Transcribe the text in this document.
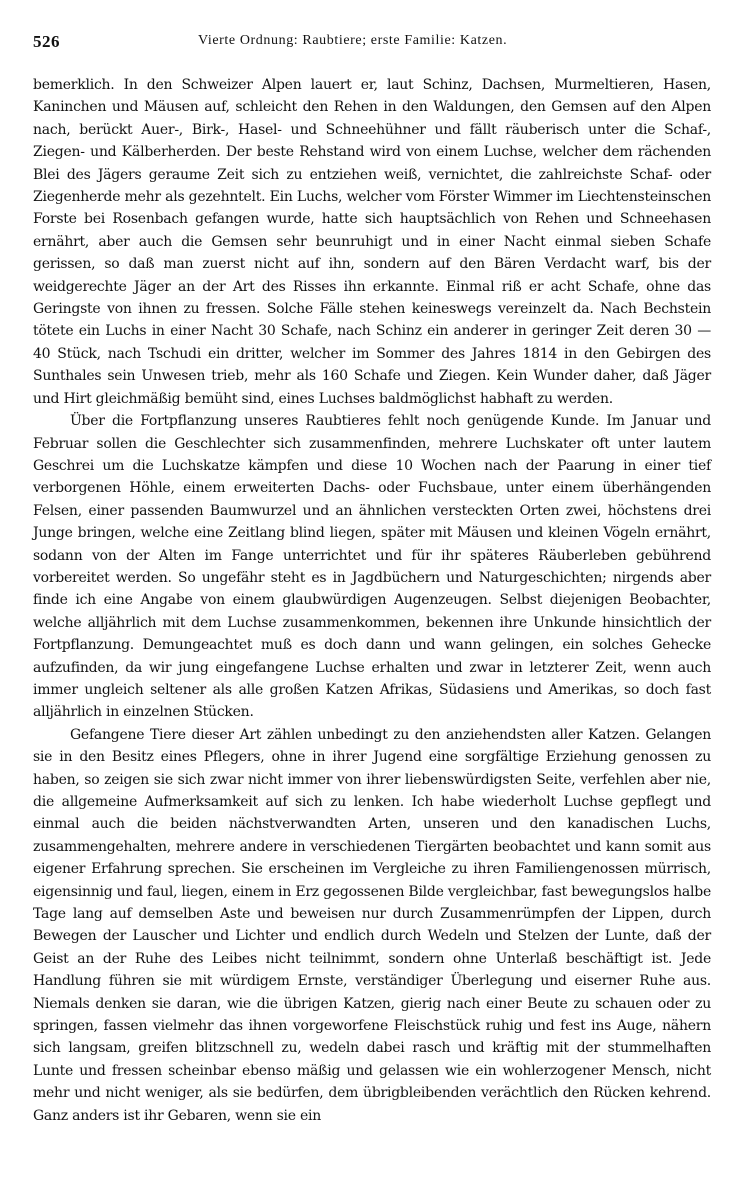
526	Vierte Ordnung: Raubtiere; erste Familie: Katzen.

bemerklich. In den Schweizer Alpen lauert er, laut Schinz, Dachsen, Murmeltieren, Hasen, Kaninchen und Mäusen auf, schleicht den Rehen in den Waldungen, den Gemsen auf den Alpen nach, berückt Auer-, Birk-, Hasel- und Schneehühner und fällt räuberisch unter die Schaf-, Ziegen- und Kälberherden. Der beste Rehstand wird von einem Luchse, welcher dem rächenden Blei des Jägers geraume Zeit sich zu entziehen weiß, vernichtet, die zahlreichste Schaf- oder Ziegenherde mehr als gezehntelt. Ein Luchs, welcher vom Förster Wimmer im Liechtensteinschen Forste bei Rosenbach gefangen wurde, hatte sich hauptsächlich von Rehen und Schneehasen ernährt, aber auch die Gemsen sehr beunruhigt und in einer Nacht einmal sieben Schafe gerissen, so daß man zuerst nicht auf ihn, sondern auf den Bären Verdacht warf, bis der weidgerechte Jäger an der Art des Risses ihn erkannte. Einmal riß er acht Schafe, ohne das Geringste von ihnen zu fressen. Solche Fälle stehen keineswegs vereinzelt da. Nach Bechstein tötete ein Luchs in einer Nacht 30 Schafe, nach Schinz ein anderer in geringer Zeit deren 30 — 40 Stück, nach Tschudi ein dritter, welcher im Sommer des Jahres 1814 in den Gebirgen des Sunthales sein Unwesen trieb, mehr als 160 Schafe und Ziegen. Kein Wunder daher, daß Jäger und Hirt gleichmäßig bemüht sind, eines Luchses baldmöglichst habhaft zu werden.

Über die Fortpflanzung unseres Raubtieres fehlt noch genügende Kunde. Im Januar und Februar sollen die Geschlechter sich zusammenfinden, mehrere Luchskater oft unter lautem Geschrei um die Luchskatze kämpfen und diese 10 Wochen nach der Paarung in einer tief verborgenen Höhle, einem erweiterten Dachs- oder Fuchsbaue, unter einem überhängenden Felsen, einer passenden Baumwurzel und an ähnlichen versteckten Orten zwei, höchstens drei Junge bringen, welche eine Zeitlang blind liegen, später mit Mäusen und kleinen Vögeln ernährt, sodann von der Alten im Fange unterrichtet und für ihr späteres Räuberleben gebührend vorbereitet werden. So ungefähr steht es in Jagdbüchern und Naturgeschichten; nirgends aber finde ich eine Angabe von einem glaubwürdigen Augenzeugen. Selbst diejenigen Beobachter, welche alljährlich mit dem Luchse zusammenkommen, bekennen ihre Unkunde hinsichtlich der Fortpflanzung. Demungeachtet muß es doch dann und wann gelingen, ein solches Geheckе aufzufinden, da wir jung eingefangene Luchse erhalten und zwar in letzterer Zeit, wenn auch immer ungleich seltener als alle großen Katzen Afrikas, Südasiens und Amerikas, so doch fast alljährlich in einzelnen Stücken.

Gefangene Tiere dieser Art zählen unbedingt zu den anziehendsten aller Katzen. Gelangen sie in den Besitz eines Pflegers, ohne in ihrer Jugend eine sorgfältige Erziehung genossen zu haben, so zeigen sie sich zwar nicht immer von ihrer liebenswürdigsten Seite, verfehlen aber nie, die allgemeine Aufmerksamkeit auf sich zu lenken. Ich habe wiederholt Luchse gepflegt und einmal auch die beiden nächstverwandten Arten, unseren und den kanadischen Luchs, zusammengehalten, mehrere andere in verschiedenen Tiergärten beobachtet und kann somit aus eigener Erfahrung sprechen. Sie erscheinen im Vergleiche zu ihren Familiengenossen mürrisch, eigensinnig und faul, liegen, einem in Erz gegossenen Bilde vergleichbar, fast bewegungslos halbe Tage lang auf demselben Aste und beweisen nur durch Zusammenrümpfen der Lippen, durch Bewegen der Lauscher und Lichter und endlich durch Wedeln und Stelzen der Lunte, daß der Geist an der Ruhe des Leibes nicht teilnimmt, sondern ohne Unterlaß beschäftigt ist. Jede Handlung führen sie mit würdigem Ernste, verständiger Überlegung und eiserner Ruhe aus. Niemals denken sie daran, wie die übrigen Katzen, gierig nach einer Beute zu schauen oder zu springen, fassen vielmehr das ihnen vorgeworfene Fleischstück ruhig und fest ins Auge, nähern sich langsam, greifen blitzschnell zu, wedeln dabei rasch und kräftig mit der stummelhaften Lunte und fressen scheinbar ebenso mäßig und gelassen wie ein wohlerzogener Mensch, nicht mehr und nicht weniger, als sie bedürfen, dem übrigbleibenden verächtlich den Rücken kehrend. Ganz anders ist ihr Gebaren, wenn sie ein
